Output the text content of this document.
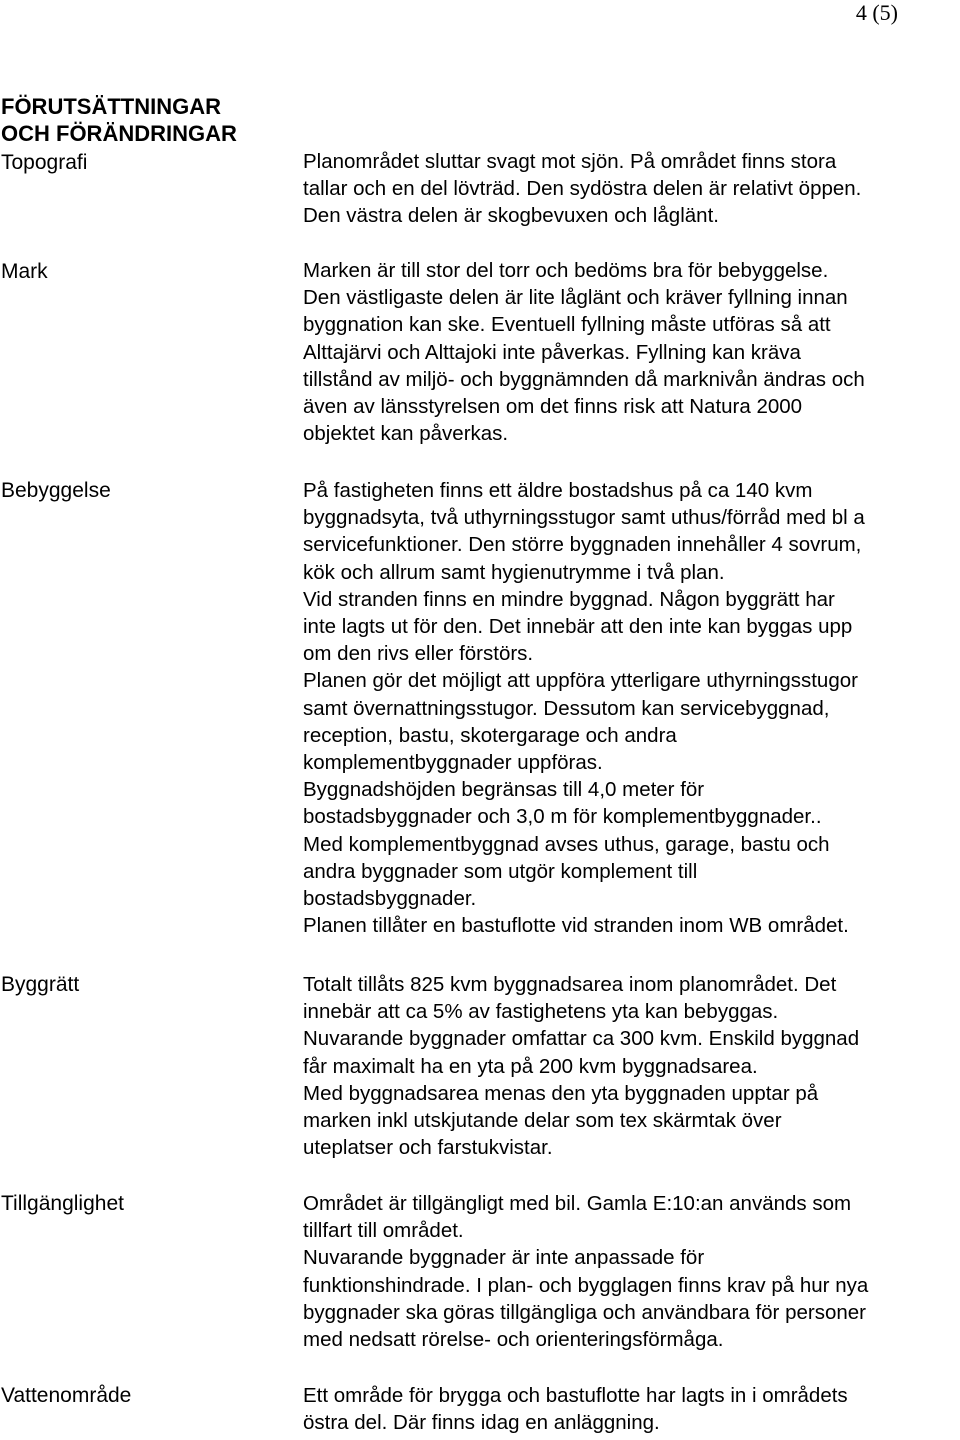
4 (5)
FÖRUTSÄTTNINGAR
OCH FÖRÄNDRINGAR
Topografi	Planområdet sluttar svagt mot sjön. På området finns stora
tallar och en del lövträd. Den sydöstra delen är relativt öppen.
Den västra delen är skogbevuxen och låglänt.
Mark	Marken är till stor del torr och bedöms bra för bebyggelse.
Den västligaste delen är lite låglänt och kräver fyllning innan
byggnation kan ske. Eventuell fyllning måste utföras så att
Alttajärvi och Alttajoki inte påverkas. Fyllning kan kräva
tillstånd av miljö- och byggnämnden då marknivån ändras och
även av länsstyrelsen om det finns risk att Natura 2000
objektet kan påverkas.
Bebyggelse	På fastigheten finns ett äldre bostadshus på ca 140 kvm
byggnadsyta, två uthyrningsstugor samt uthus/förråd med bl a
servicefunktioner. Den större byggnaden innehåller 4 sovrum,
kök och allrum samt hygienutrymme i två plan.
Vid stranden finns en mindre byggnad. Någon byggrätt har
inte lagts ut för den. Det innebär att den inte kan byggas upp
om den rivs eller förstörs.
Planen gör det möjligt att uppföra ytterligare uthyrningsstugor
samt övernattningsstugor. Dessutom kan servicebyggnad,
reception, bastu, skotergarage och andra
komplementbyggnader uppföras.
Byggnadshöjden begränsas till 4,0 meter för
bostadsbyggnader och 3,0 m för komplementbyggnader..
Med komplementbyggnad avses uthus, garage, bastu och
andra byggnader som utgör komplement till
bostadsbyggnader.
Planen tillåter en bastuflotte vid stranden inom WB området.
Byggrätt	Totalt tillåts 825 kvm byggnadsarea inom planområdet. Det
innebär att ca 5% av fastighetens yta kan bebyggas.
Nuvarande byggnader omfattar ca 300 kvm. Enskild byggnad
får maximalt ha en yta på 200 kvm byggnadsarea.
Med byggnadsarea menas den yta byggnaden upptar på
marken inkl utskjutande delar som tex skärmtak över
uteplatser och farstukvistar.
Tillgänglighet	Området är tillgängligt med bil. Gamla E:10:an används som
tillfart till området.
Nuvarande byggnader är inte anpassade för
funktionshindrade. I plan- och bygglagen finns krav på hur nya
byggnader ska göras tillgängliga och användbara för personer
med nedsatt rörelse- och orienteringsförmåga.
Vattenområde	Ett område för brygga och bastuflotte har lagts in i områdets
östra del. Där finns idag en anläggning.
